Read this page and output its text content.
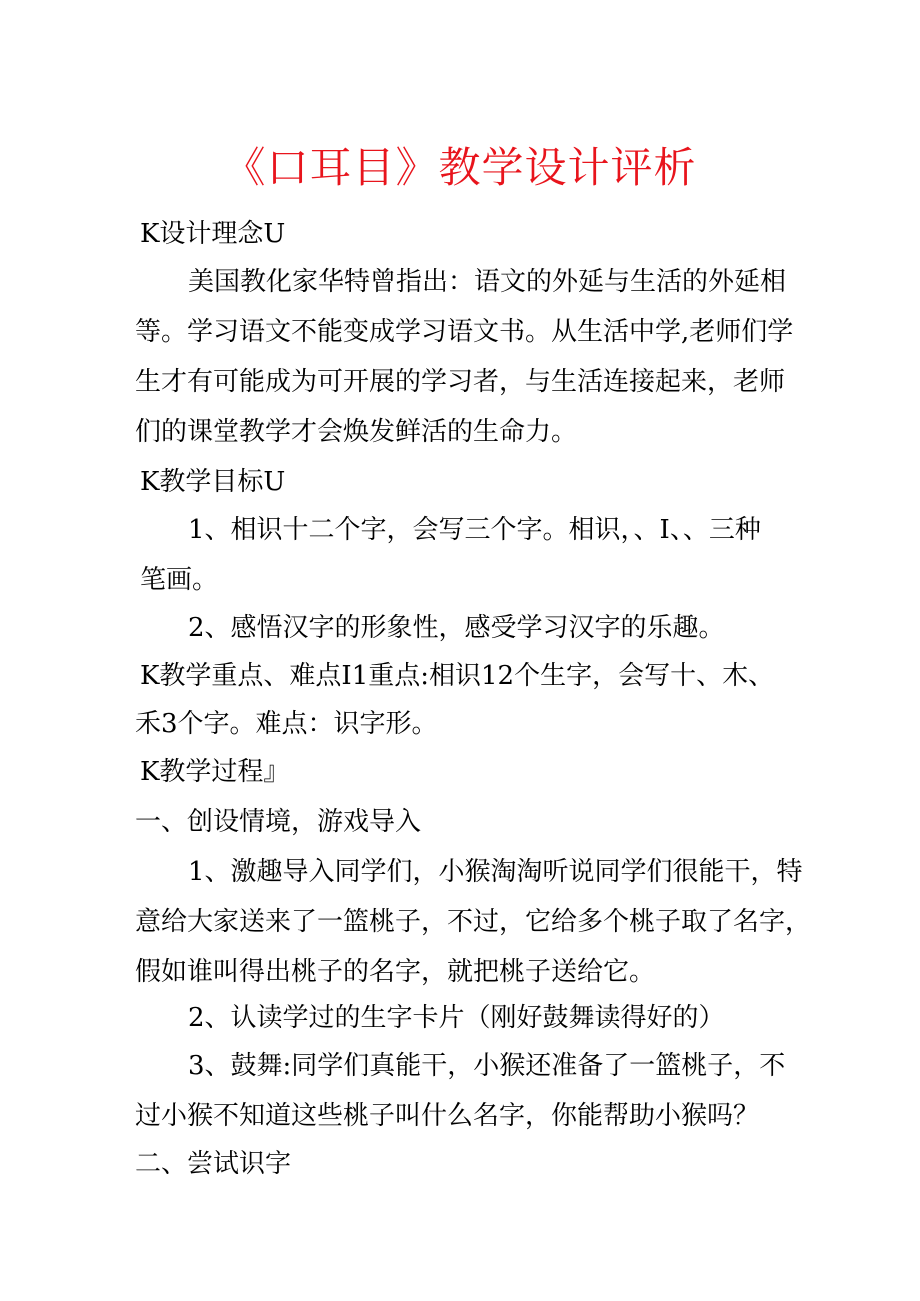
《口耳目》教学设计评析
K设计理念U
美国教化家华特曾指出：语文的外延与生活的外延相
等。学习语文不能变成学习语文书。从生活中学,老师们学
生才有可能成为可开展的学习者，与生活连接起来，老师
们的课堂教学才会焕发鲜活的生命力。
K教学目标U
1、相识十二个字，会写三个字。相识，、I、、三种
笔画。
2、感悟汉字的形象性，感受学习汉字的乐趣。
K教学重点、难点I1重点:相识12个生字，会写十、木、
禾3个字。难点：识字形。
K教学过程』
一、创设情境，游戏导入
1、激趣导入同学们，小猴淘淘听说同学们很能干，特
意给大家送来了一篮桃子，不过，它给多个桃子取了名字，
假如谁叫得出桃子的名字，就把桃子送给它。
2、认读学过的生字卡片（刚好鼓舞读得好的）
3、鼓舞:同学们真能干，小猴还准备了一篮桃子，不
过小猴不知道这些桃子叫什么名字，你能帮助小猴吗？
二、尝试识字
